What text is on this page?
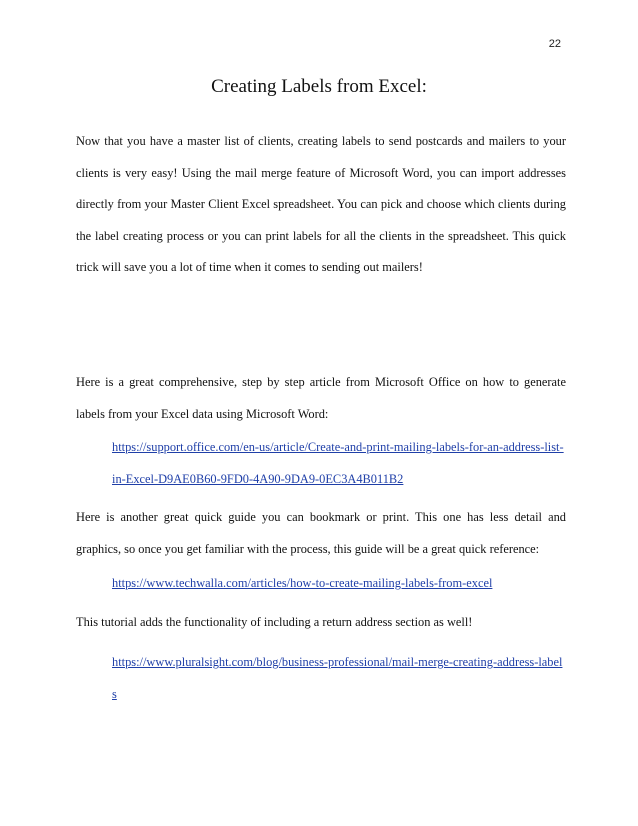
22
Creating Labels from Excel:

Now that you have a master list of clients, creating labels to send postcards and mailers to your clients is very easy! Using the mail merge feature of Microsoft Word, you can import addresses directly from your Master Client Excel spreadsheet. You can pick and choose which clients during the label creating process or you can print labels for all the clients in the spreadsheet. This quick trick will save you a lot of time when it comes to sending out mailers!

Here is a great comprehensive, step by step article from Microsoft Office on how to generate labels from your Excel data using Microsoft Word:

https://support.office.com/en-us/article/Create-and-print-mailing-labels-for-an-address-list-in-Excel-D9AE0B60-9FD0-4A90-9DA9-0EC3A4B011B2

Here is another great quick guide you can bookmark or print. This one has less detail and graphics, so once you get familiar with the process, this guide will be a great quick reference:

https://www.techwalla.com/articles/how-to-create-mailing-labels-from-excel

This tutorial adds the functionality of including a return address section as well!

https://www.pluralsight.com/blog/business-professional/mail-merge-creating-address-labels
